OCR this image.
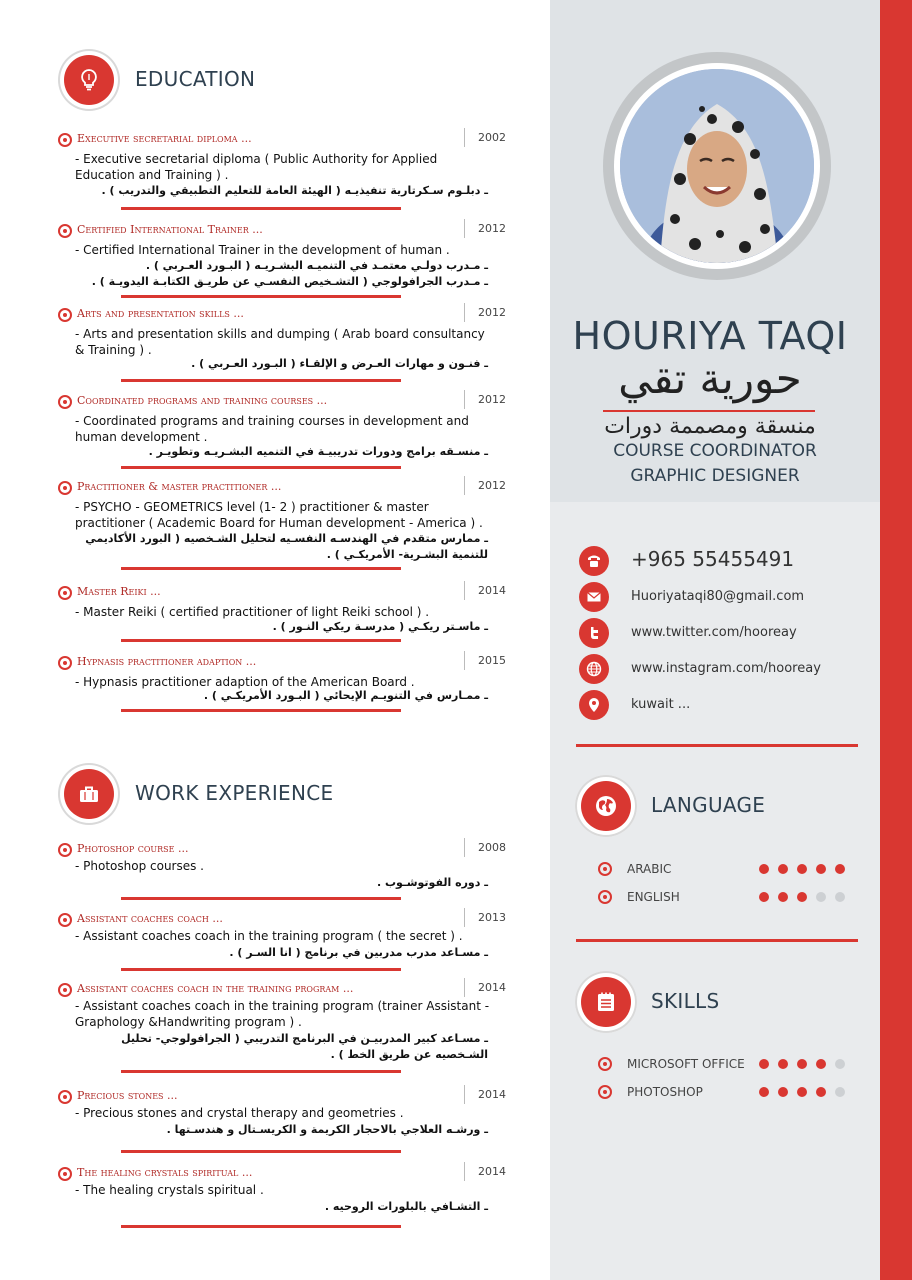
EDUCATION
Executive secretarial diploma ...	2002
- Executive secretarial diploma ( Public Authority for Applied Education and Training ) .
ـ دبلـوم سـكرتارية تنفيذيـه ( الهيئة العامة للتعليم التطبيقي والتدريب ) .
Certified International Trainer ...	2012
- Certified International Trainer in the development of human .
ـ مـدرب دولـي معتمـد في التنميـه البشـريـه ( البـورد العـربي ) .
ـ مـدرب الجرافولوجي ( التشـخيص النفسـي عن طريـق الكتابـة اليدويـة ) .
Arts and presentation skills ...	2012
- Arts and presentation skills and dumping ( Arab board consultancy & Training ) .
ـ فنـون و مهارات العـرض و الإلقـاء ( البـورد العـربي ) .
Coordinated programs and training courses ...	2012
- Coordinated programs and training courses in development and human development .
ـ منسـقه برامج ودورات تدريبيـة في التنميه البشـريـه وتطويـر .
Practitioner & master practitioner ...	2012
- PSYCHO - GEOMETRICS level (1- 2 ) practitioner & master practitioner ( Academic Board for Human development - America ) .
ـ ممارس متقدم في الهندسـه النفسـيه لتحليل الشـخصيه ( البورد الأكاديمي للتنمية البشـرية- الأمريكـي ) .
Master Reiki ...	2014
- Master Reiki ( certified practitioner of light Reiki school ) .
ـ ماسـتر ريكـي ( مدرسـة ريكي النـور ) .
Hypnasis practitioner adaption ...	2015
- Hypnasis practitioner adaption of the American Board .
ـ ممـارس في التنويـم الإيحائي ( البـورد الأمريكـي ) .
WORK EXPERIENCE
Photoshop course ...	2008
- Photoshop courses .
ـ دوره الفوتوشـوب .
Assistant coaches coach ...	2013
- Assistant coaches coach in the training program ( the secret ) .
ـ مسـاعد مدرب مدربين في برنامج ( انا السـر ) .
Assistant coaches coach in the training program ...	2014
- Assistant coaches coach in the training program (trainer Assistant - Graphology &Handwriting program ) .
ـ مسـاعد كبير المدربيـن في البرنامج التدريبي ( الجرافولوجي- تحليل الشـخصيه عن طريق الخط ) .
Precious stones ...	2014
- Precious stones and crystal therapy and geometries .
ـ ورشـه العلاجي بالاحجار الكريمة و الكريسـتال و هندسـتها .
The healing crystals spiritual ...	2014
- The healing crystals spiritual .
ـ التشـافي بالبلورات الروحيه .
HOURIYA TAQI
حورية تقي
منسقة ومصممة دورات
COURSE COORDINATOR
GRAPHIC DESIGNER
+965 55455491
Huoriyataqi80@gmail.com
www.twitter.com/hooreay
www.instagram.com/hooreay
kuwait ...
LANGUAGE
ARABIC
ENGLISH
SKILLS
MICROSOFT OFFICE
PHOTOSHOP
